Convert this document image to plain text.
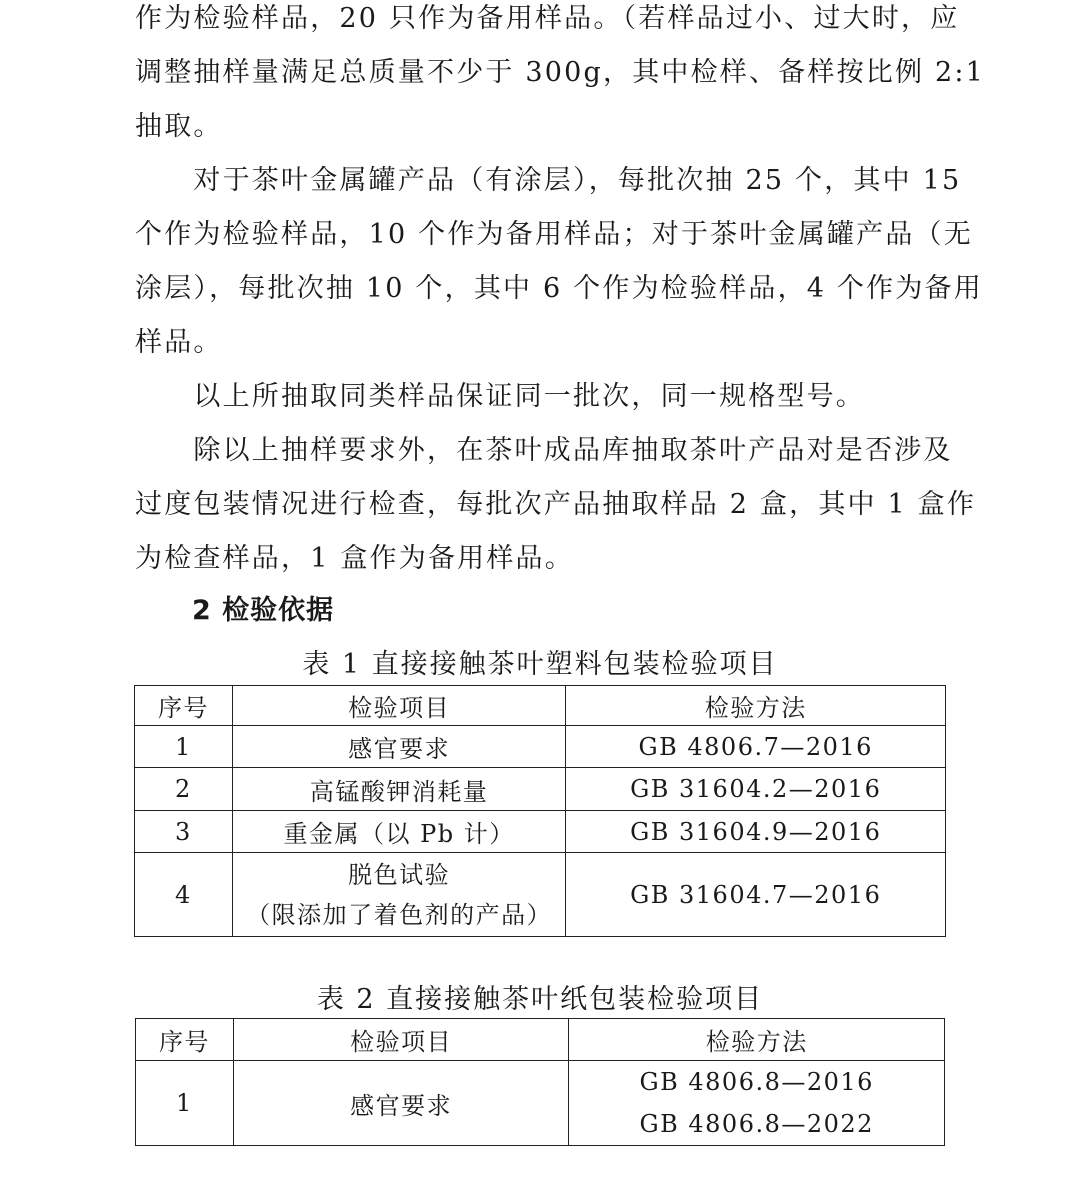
作为检验样品，20 只作为备用样品。（若样品过小、过大时，应
调整抽样量满足总质量不少于 300g，其中检样、备样按比例 2:1
抽取。

　　对于茶叶金属罐产品（有涂层），每批次抽 25 个，其中 15
个作为检验样品，10 个作为备用样品；对于茶叶金属罐产品（无
涂层），每批次抽 10 个，其中 6 个作为检验样品，4 个作为备用
样品。

　　以上所抽取同类样品保证同一批次，同一规格型号。

　　除以上抽样要求外，在茶叶成品库抽取茶叶产品对是否涉及
过度包装情况进行检查，每批次产品抽取样品 2 盒，其中 1 盒作
为检查样品，1 盒作为备用样品。

2 检验依据

表 1 直接接触茶叶塑料包装检验项目

序号	检验项目	检验方法
1	感官要求	GB 4806.7—2016
2	高锰酸钾消耗量	GB 31604.2—2016
3	重金属（以 Pb 计）	GB 31604.9—2016
4	脱色试验
（限添加了着色剂的产品）	GB 31604.7—2016

表 2 直接接触茶叶纸包装检验项目

序号	检验项目	检验方法
1	感官要求	GB 4806.8—2016
GB 4806.8—2022
